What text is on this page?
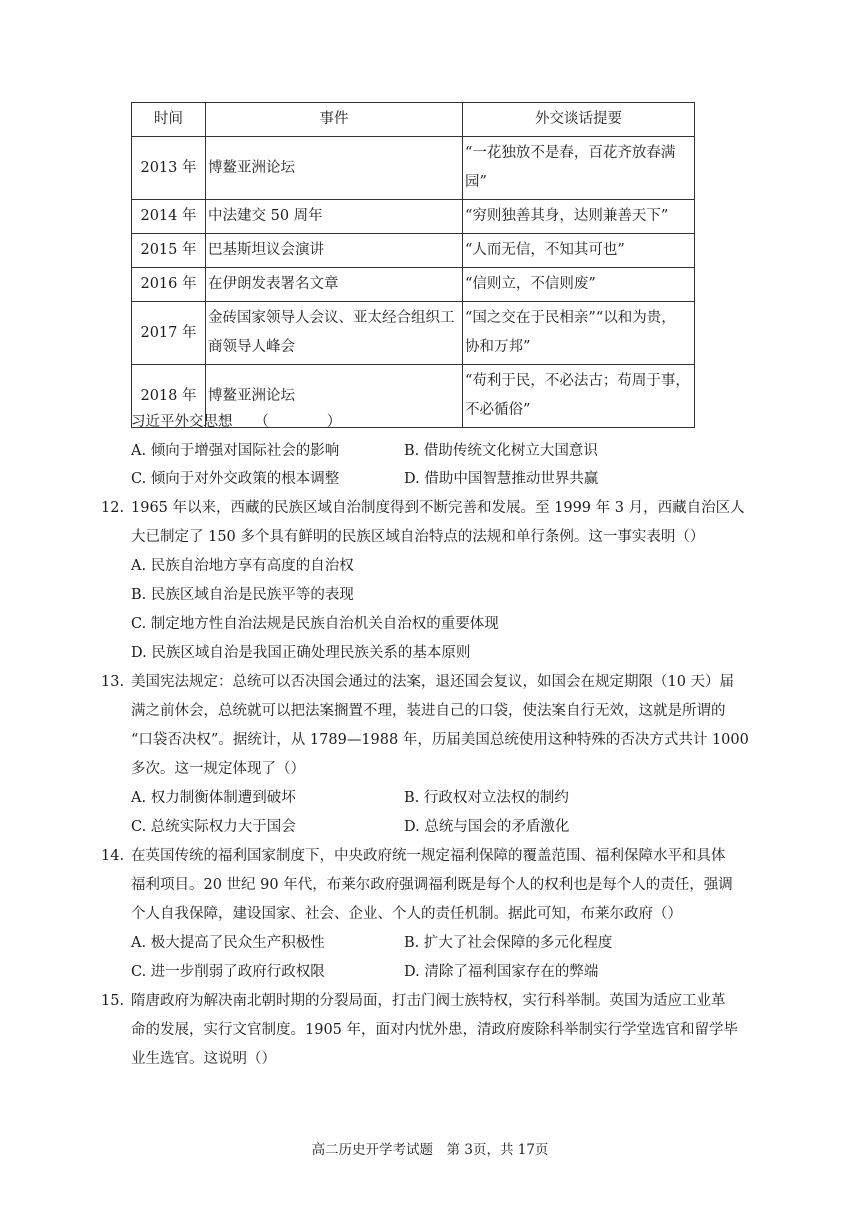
时间	事件	外交谈话提要
2013 年	博鳌亚洲论坛	“一花独放不是春，百花齐放春满
园”
2014 年	中法建交 50 周年	“穷则独善其身，达则兼善天下”
2015 年	巴基斯坦议会演讲	“人而无信，不知其可也”
2016 年	在伊朗发表署名文章	“信则立，不信则废”
2017 年	金砖国家领导人会议、亚太经合组织工
商领导人峰会	“国之交在于民相亲”“以和为贵，
协和万邦”
2018 年	博鳌亚洲论坛	“苟利于民，不必法古；苟周于事，
不必循俗”
习近平外交思想　　（　　　　）
A. 倾向于增强对国际社会的影响	B. 借助传统文化树立大国意识
C. 倾向于对外交政策的根本调整	D. 借助中国智慧推动世界共赢
12. 1965 年以来，西藏的民族区域自治制度得到不断完善和发展。至 1999 年 3 月，西藏自治区人
大已制定了 150 多个具有鲜明的民族区域自治特点的法规和单行条例。这一事实表明（）
A. 民族自治地方享有高度的自治权
B. 民族区域自治是民族平等的表现
C. 制定地方性自治法规是民族自治机关自治权的重要体现
D. 民族区域自治是我国正确处理民族关系的基本原则
13. 美国宪法规定：总统可以否决国会通过的法案，退还国会复议，如国会在规定期限（10 天）届
满之前休会，总统就可以把法案搁置不理，装进自己的口袋，使法案自行无效，这就是所谓的
“口袋否决权”。据统计，从 1789—1988 年，历届美国总统使用这种特殊的否决方式共计 1000
多次。这一规定体现了（）
A. 权力制衡体制遭到破坏	B. 行政权对立法权的制约
C. 总统实际权力大于国会	D. 总统与国会的矛盾激化
14. 在英国传统的福利国家制度下，中央政府统一规定福利保障的覆盖范围、福利保障水平和具体
福利项目。20 世纪 90 年代，布莱尔政府强调福利既是每个人的权利也是每个人的责任，强调
个人自我保障，建设国家、社会、企业、个人的责任机制。据此可知，布莱尔政府（）
A. 极大提高了民众生产积极性	B. 扩大了社会保障的多元化程度
C. 进一步削弱了政府行政权限	D. 清除了福利国家存在的弊端
15. 隋唐政府为解决南北朝时期的分裂局面，打击门阀士族特权，实行科举制。英国为适应工业革
命的发展，实行文官制度。1905 年，面对内忧外患，清政府废除科举制实行学堂选官和留学毕
业生选官。这说明（）
高二历史开学考试题　第 3页，共 17页
